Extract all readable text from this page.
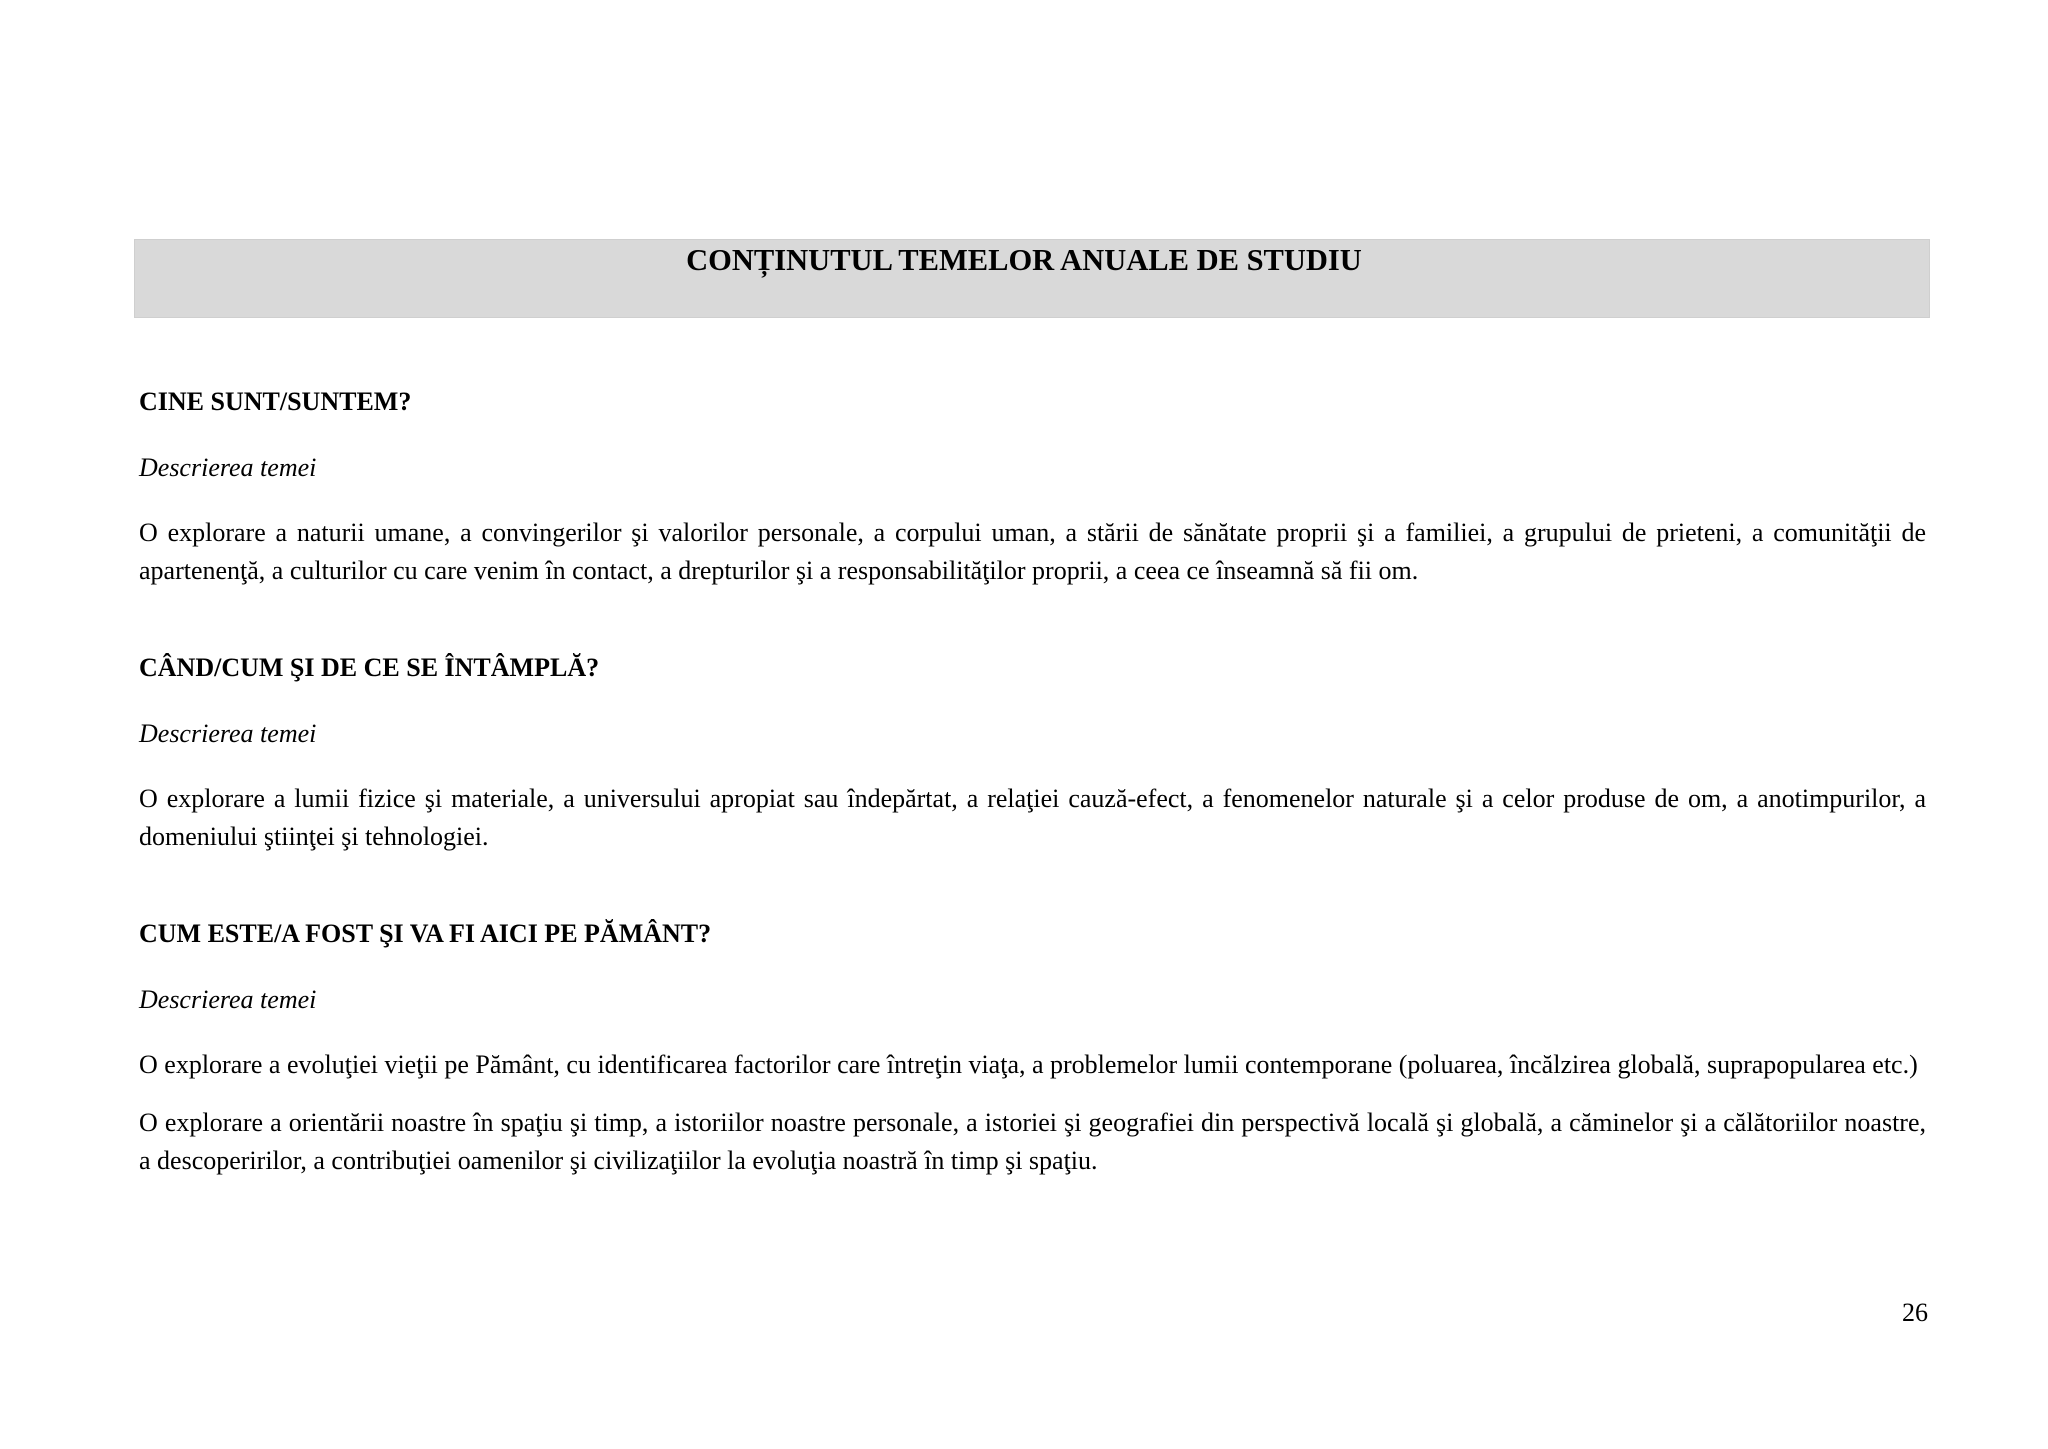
CONȚINUTUL TEMELOR ANUALE DE STUDIU

CINE SUNT/SUNTEM?

Descrierea temei

O explorare a naturii umane, a convingerilor şi valorilor personale, a corpului uman, a stării de sănătate proprii şi a familiei, a grupului de prieteni, a comunităţii de apartenenţă, a culturilor cu care venim în contact, a drepturilor şi a responsabilităţilor proprii, a ceea ce înseamnă să fii om.

CÂND/CUM ŞI DE CE SE ÎNTÂMPLĂ?

Descrierea temei

O explorare a lumii fizice şi materiale, a universului apropiat sau îndepărtat, a relaţiei cauză-efect, a fenomenelor naturale şi a celor produse de om, a anotimpurilor, a domeniului ştiinţei şi tehnologiei.

CUM ESTE/A FOST ŞI VA FI AICI PE PĂMÂNT?

Descrierea temei

O explorare a evoluţiei vieţii pe Pământ, cu identificarea factorilor care întreţin viaţa, a problemelor lumii contemporane (poluarea, încălzirea globală, suprapopularea etc.)

O explorare a orientării noastre în spaţiu şi timp, a istoriilor noastre personale, a istoriei şi geografiei din perspectivă locală şi globală, a căminelor şi a călătoriilor noastre, a descoperirilor, a contribuţiei oamenilor şi civilizaţiilor la evoluţia noastră în timp şi spaţiu.

26
